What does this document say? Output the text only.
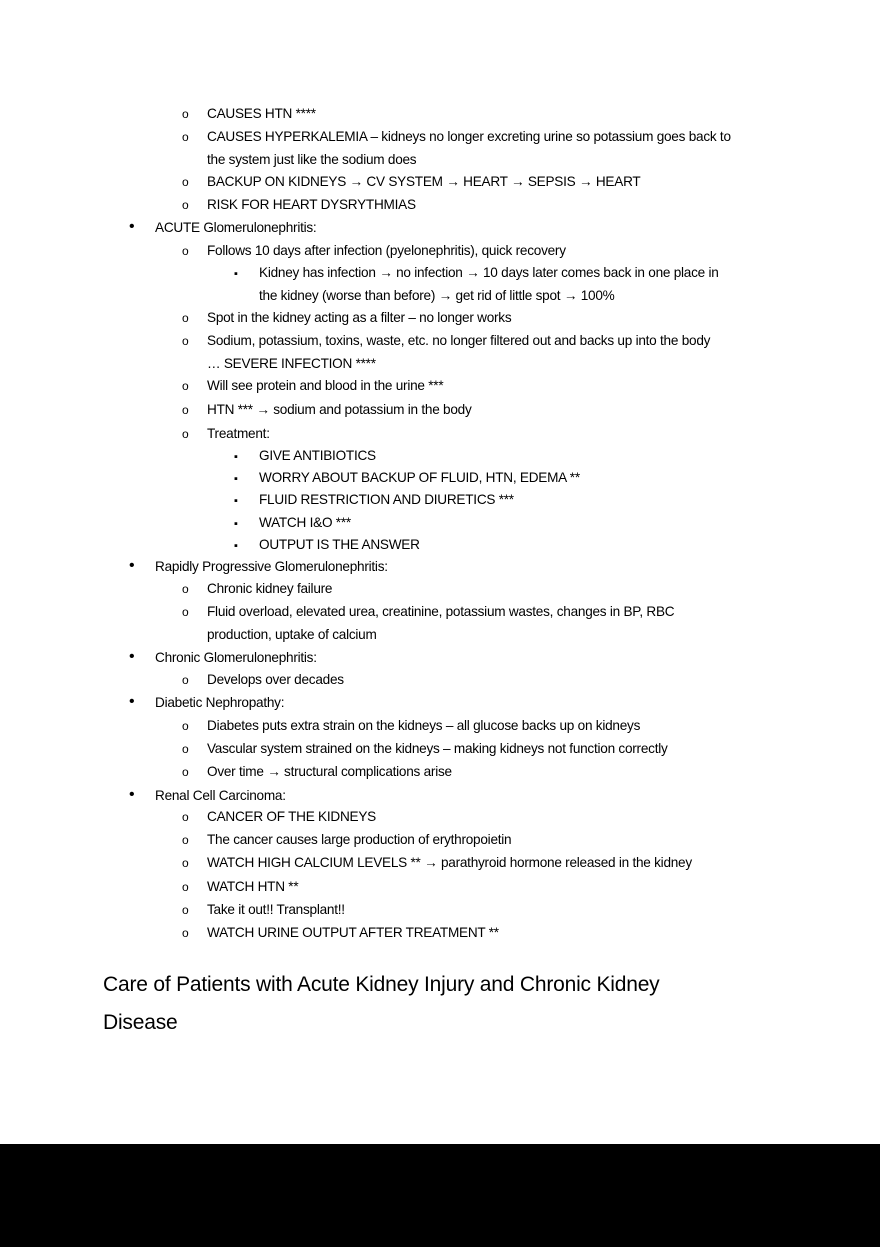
o
CAUSES HTN ****
o
CAUSES HYPERKALEMIA – kidneys no longer excreting urine so potassium goes back to
the system just like the sodium does
o
BACKUP ON KIDNEYS → CV SYSTEM → HEART → SEPSIS → HEART
o
RISK FOR HEART DYSRYTHMIAS
•
ACUTE Glomerulonephritis:
o
Follows 10 days after infection (pyelonephritis), quick recovery
▪
Kidney has infection → no infection → 10 days later comes back in one place in
the kidney (worse than before) → get rid of little spot → 100%
o
Spot in the kidney acting as a filter – no longer works
o
Sodium, potassium, toxins, waste, etc. no longer filtered out and backs up into the body
… SEVERE INFECTION ****
o
Will see protein and blood in the urine ***
o
HTN *** → sodium and potassium in the body
o
Treatment:
▪
GIVE ANTIBIOTICS
▪
WORRY ABOUT BACKUP OF FLUID, HTN, EDEMA **
▪
FLUID RESTRICTION AND DIURETICS ***
▪
WATCH I&O ***
▪
OUTPUT IS THE ANSWER
•
Rapidly Progressive Glomerulonephritis:
o
Chronic kidney failure
o
Fluid overload, elevated urea, creatinine, potassium wastes, changes in BP, RBC
production, uptake of calcium
•
Chronic Glomerulonephritis:
o
Develops over decades
•
Diabetic Nephropathy:
o
Diabetes puts extra strain on the kidneys – all glucose backs up on kidneys
o
Vascular system strained on the kidneys – making kidneys not function correctly
o
Over time → structural complications arise
•
Renal Cell Carcinoma:
o
CANCER OF THE KIDNEYS
o
The cancer causes large production of erythropoietin
o
WATCH HIGH CALCIUM LEVELS ** → parathyroid hormone released in the kidney
o
WATCH HTN **
o
Take it out!! Transplant!!
o
WATCH URINE OUTPUT AFTER TREATMENT **
Care of Patients with Acute Kidney Injury and Chronic Kidney
Disease
